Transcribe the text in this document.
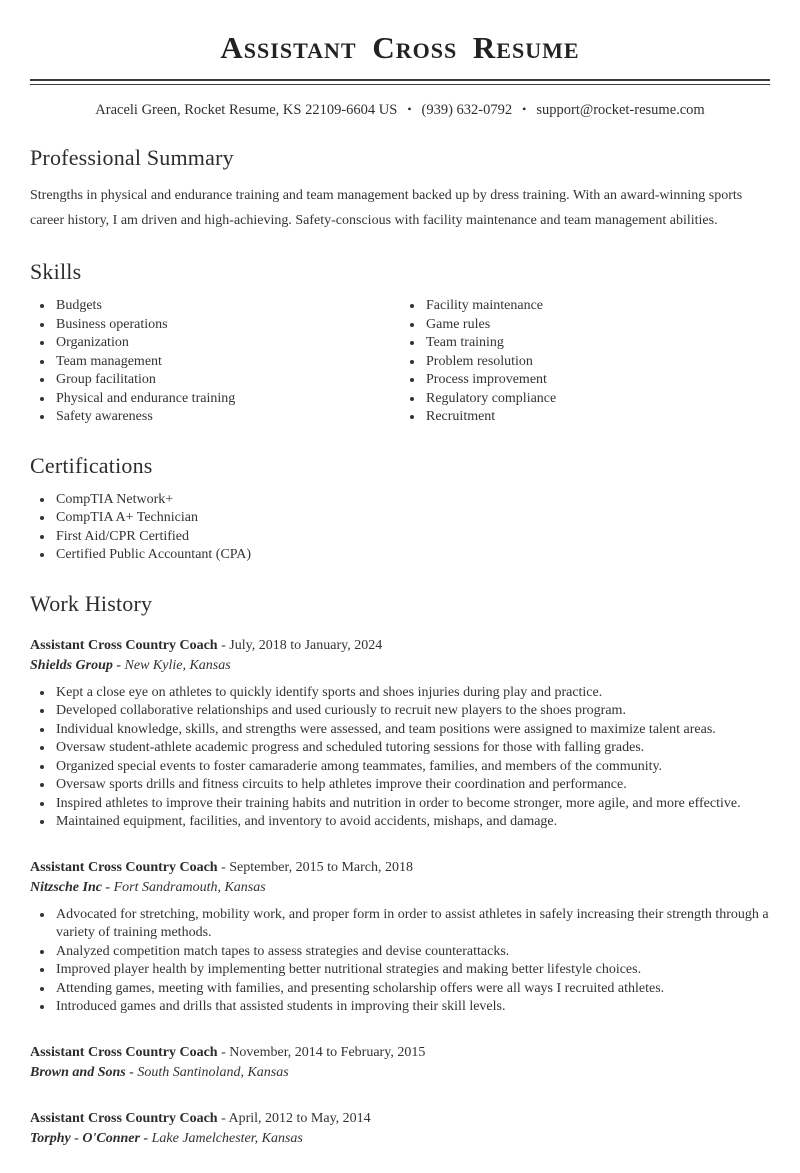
Assistant Cross Resume
Araceli Green, Rocket Resume, KS 22109-6604 US • (939) 632-0792 • support@rocket-resume.com
Professional Summary

Strengths in physical and endurance training and team management backed up by dress training. With an award-winning sports career history, I am driven and high-achieving. Safety-conscious with facility maintenance and team management abilities.

Skills
• Budgets
• Business operations
• Organization
• Team management
• Group facilitation
• Physical and endurance training
• Safety awareness
• Facility maintenance
• Game rules
• Team training
• Problem resolution
• Process improvement
• Regulatory compliance
• Recruitment
Certifications
• CompTIA Network+
• CompTIA A+ Technician
• First Aid/CPR Certified
• Certified Public Accountant (CPA)
Work History

Assistant Cross Country Coach - July, 2018 to January, 2024

Shields Group - New Kylie, Kansas

• Kept a close eye on athletes to quickly identify sports and shoes injuries during play and practice.
• Developed collaborative relationships and used curiously to recruit new players to the shoes program.
• Individual knowledge, skills, and strengths were assessed, and team positions were assigned to maximize talent areas.
• Oversaw student-athlete academic progress and scheduled tutoring sessions for those with falling grades.
• Organized special events to foster camaraderie among teammates, families, and members of the community.
• Oversaw sports drills and fitness circuits to help athletes improve their coordination and performance.
• Inspired athletes to improve their training habits and nutrition in order to become stronger, more agile, and more effective.
• Maintained equipment, facilities, and inventory to avoid accidents, mishaps, and damage.

Assistant Cross Country Coach - September, 2015 to March, 2018

Nitzsche Inc - Fort Sandramouth, Kansas

• Advocated for stretching, mobility work, and proper form in order to assist athletes in safely increasing their strength through a variety of training methods.
• Analyzed competition match tapes to assess strategies and devise counterattacks.
• Improved player health by implementing better nutritional strategies and making better lifestyle choices.
• Attending games, meeting with families, and presenting scholarship offers were all ways I recruited athletes.
• Introduced games and drills that assisted students in improving their skill levels.

Assistant Cross Country Coach - November, 2014 to February, 2015

Brown and Sons - South Santinoland, Kansas

Assistant Cross Country Coach - April, 2012 to May, 2014

Torphy - O'Conner - Lake Jamelchester, Kansas
